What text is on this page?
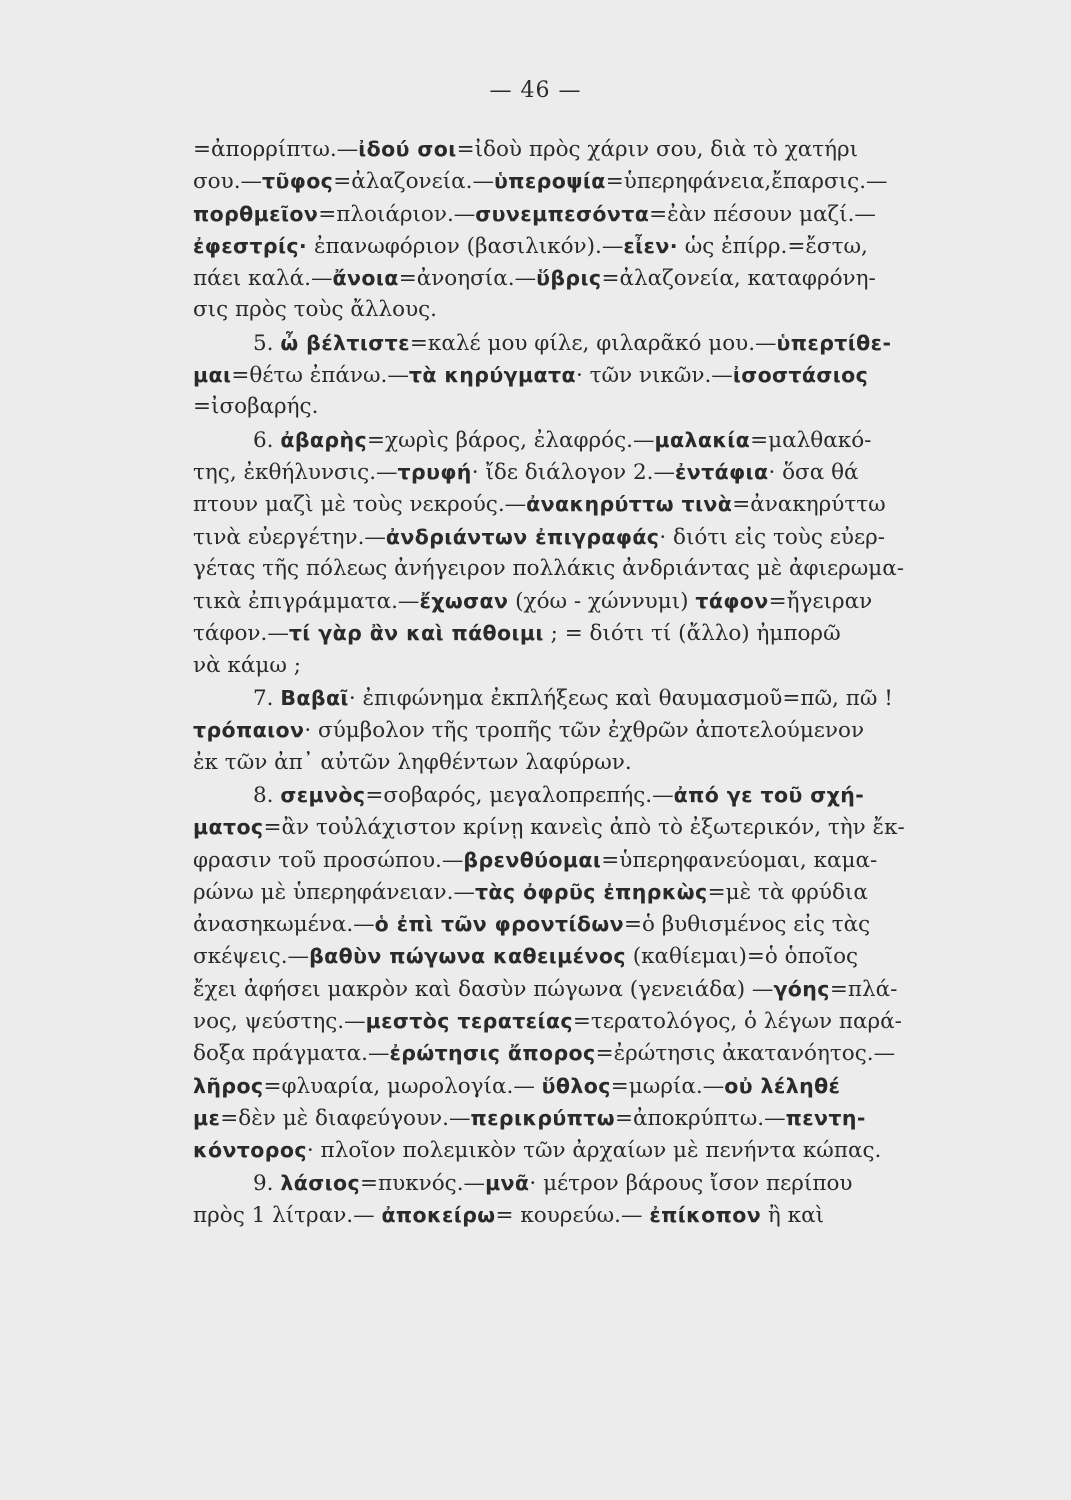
— 46 —
=ἀπορρίπτω.—ἰδού σοι=ἰδοὺ πρὸς χάριν σου, διὰ τὸ χατήρι
σου.—τῦφος=ἀλαζονεία.—ὑπεροψία=ὑπερηφάνεια,ἔπαρσις.—
πορθμεῖον=πλοιάριον.—συνεμπεσόντα=ἐὰν πέσουν μαζί.—
ἐφεστρίς· ἐπανωφόριον (βασιλικόν).—εἶεν· ὡς ἐπίρρ.=ἔστω,
πάει καλά.—ἄνοια=ἀνοησία.—ὕβρις=ἀλαζονεία, καταφρόνη-
σις πρὸς τοὺς ἄλλους.
5. ὦ βέλτιστε=καλέ μου φίλε, φιλαρᾶκό μου.—ὑπερτίθε-
μαι=θέτω ἐπάνω.—τὰ κηρύγματα· τῶν νικῶν.—ἰσοστάσιος
=ἰσοβαρής.
6. ἀβαρὴς=χωρὶς βάρος, ἐλαφρός.—μαλακία=μαλθακό-
της, ἐκθήλυνσις.—τρυφή· ἴδε διάλογον 2.—ἐντάφια· ὅσα θά
πτουν μαζὶ μὲ τοὺς νεκρούς.—ἀνακηρύττω τινὰ=ἀνακηρύττω
τινὰ εὐεργέτην.—ἀνδριάντων ἐπιγραφάς· διότι εἰς τοὺς εὐερ-
γέτας τῆς πόλεως ἀνήγειρον πολλάκις ἀνδριάντας μὲ ἀφιερωμα-
τικὰ ἐπιγράμματα.—ἔχωσαν (χόω - χώννυμι) τάφον=ἤγειραν
τάφον.—τί γὰρ ἂν καὶ πάθοιμι ; = διότι τί (ἄλλο) ἠμπορῶ
νὰ κάμω ;
7. Βαβαῖ· ἐπιφώνημα ἐκπλήξεως καὶ θαυμασμοῦ=πῶ, πῶ !
τρόπαιον· σύμβολον τῆς τροπῆς τῶν ἐχθρῶν ἀποτελούμενον
ἐκ τῶν ἀπ᾿ αὐτῶν ληφθέντων λαφύρων.
8. σεμνὸς=σοβαρός, μεγαλοπρεπής.—ἀπό γε τοῦ σχή-
ματος=ἂν τοὐλάχιστον κρίνῃ κανεὶς ἀπὸ τὸ ἐξωτερικόν, τὴν ἔκ-
φρασιν τοῦ προσώπου.—βρενθύομαι=ὑπερηφανεύομαι, καμα-
ρώνω μὲ ὑπερηφάνειαν.—τὰς ὀφρῦς ἐπηρκὼς=μὲ τὰ φρύδια
ἀνασηκωμένα.—ὁ ἐπὶ τῶν φροντίδων=ὁ βυθισμένος εἰς τὰς
σκέψεις.—βαθὺν πώγωνα καθειμένος (καθίεμαι)=ὁ ὁποῖος
ἔχει ἀφήσει μακρὸν καὶ δασὺν πώγωνα (γενειάδα) —γόης=πλά-
νος, ψεύστης.—μεστὸς τερατείας=τερατολόγος, ὁ λέγων παρά-
δοξα πράγματα.—ἐρώτησις ἄπορος=ἐρώτησις ἀκατανόητος.—
λῆρος=φλυαρία, μωρολογία.— ὕθλος=μωρία.—οὐ λέληθέ
με=δὲν μὲ διαφεύγουν.—περικρύπτω=ἀποκρύπτω.—πεντη-
κόντορος· πλοῖον πολεμικὸν τῶν ἀρχαίων μὲ πενήντα κώπας.
9. λάσιος=πυκνός.—μνᾶ· μέτρον βάρους ἴσον περίπου
πρὸς 1 λίτραν.— ἀποκείρω= κουρεύω.— ἐπίκοπον ἢ καὶ
